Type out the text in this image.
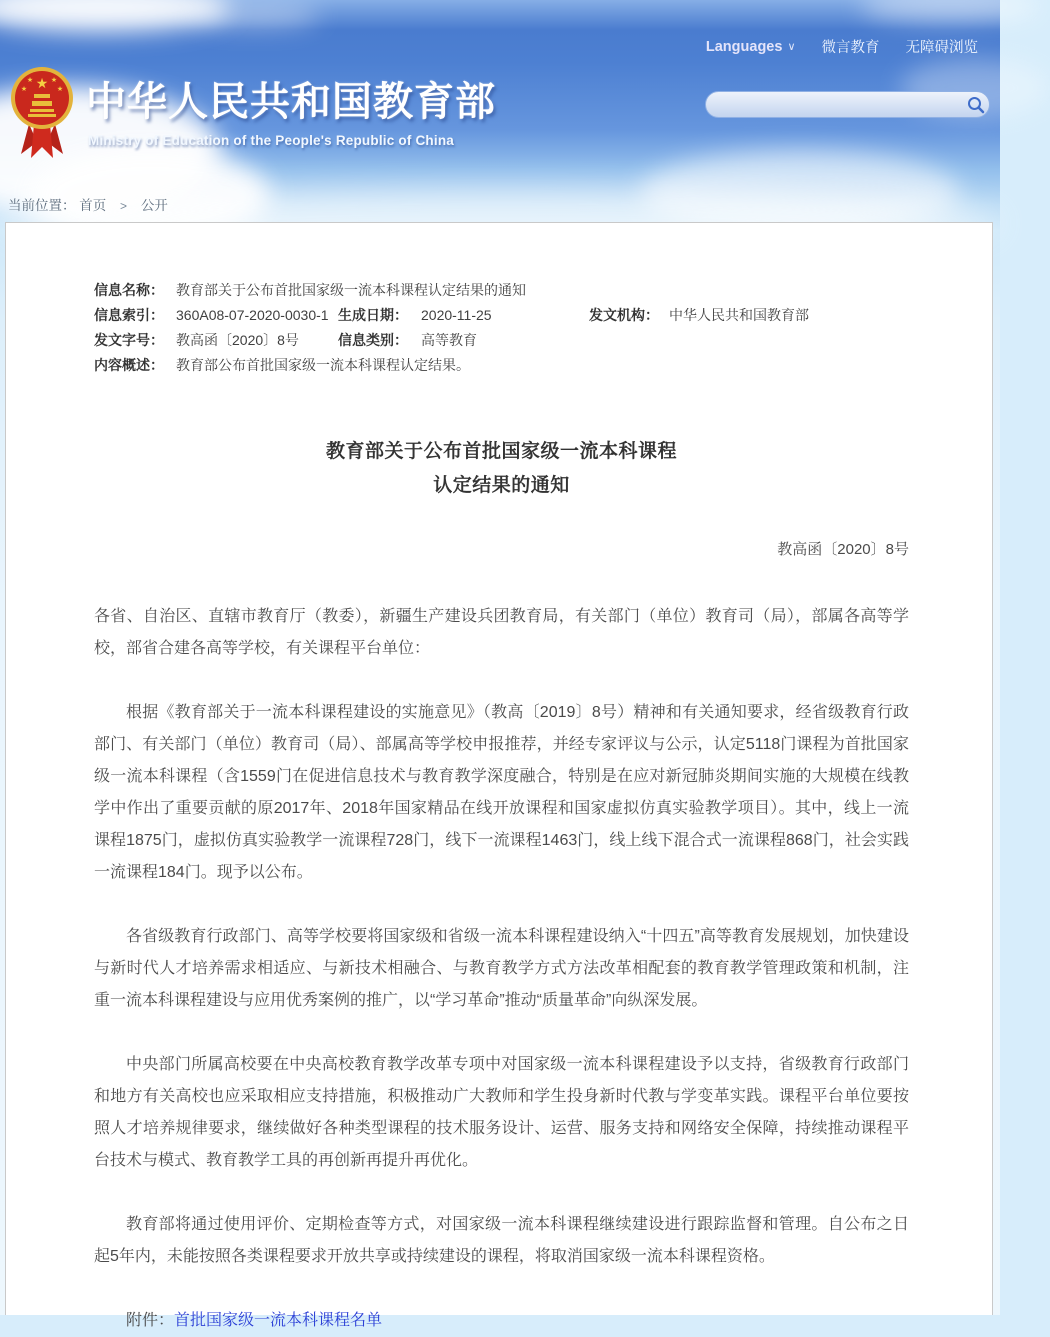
Languages ∨ 微言教育 无障碍浏览
★
★	★
★	★ 中华人民共和国教育部
Ministry of Education of the People's Republic of China
当前位置： 首页 > 公开
信息名称： 教育部关于公布首批国家级一流本科课程认定结果的通知
信息索引： 360A08-07-2020-0030-1 生成日期： 2020-11-25	发文机构： 中华人民共和国教育部
发文字号： 教高函〔2020〕8号	信息类别： 高等教育
内容概述： 教育部公布首批国家级一流本科课程认定结果。
教育部关于公布首批国家级一流本科课程
认定结果的通知
教高函〔2020〕8号

各省、自治区、直辖市教育厅（教委），新疆生产建设兵团教育局，有关部门（单位）教育司（局），部属各高等学校，部省合建各高等学校，有关课程平台单位：

根据《教育部关于一流本科课程建设的实施意见》（教高〔2019〕8号）精神和有关通知要求，经省级教育行政部门、有关部门（单位）教育司（局）、部属高等学校申报推荐，并经专家评议与公示，认定5118门课程为首批国家级一流本科课程（含1559门在促进信息技术与教育教学深度融合，特别是在应对新冠肺炎期间实施的大规模在线教学中作出了重要贡献的原2017年、2018年国家精品在线开放课程和国家虚拟仿真实验教学项目）。其中，线上一流课程1875门，虚拟仿真实验教学一流课程728门，线下一流课程1463门，线上线下混合式一流课程868门，社会实践一流课程184门。现予以公布。

各省级教育行政部门、高等学校要将国家级和省级一流本科课程建设纳入“十四五”高等教育发展规划，加快建设与新时代人才培养需求相适应、与新技术相融合、与教育教学方式方法改革相配套的教育教学管理政策和机制，注重一流本科课程建设与应用优秀案例的推广，以“学习革命”推动“质量革命”向纵深发展。

中央部门所属高校要在中央高校教育教学改革专项中对国家级一流本科课程建设予以支持，省级教育行政部门和地方有关高校也应采取相应支持措施，积极推动广大教师和学生投身新时代教与学变革实践。课程平台单位要按照人才培养规律要求，继续做好各种类型课程的技术服务设计、运营、服务支持和网络安全保障，持续推动课程平台技术与模式、教育教学工具的再创新再提升再优化。

教育部将通过使用评价、定期检查等方式，对国家级一流本科课程继续建设进行跟踪监督和管理。自公布之日起5年内，未能按照各类课程要求开放共享或持续建设的课程，将取消国家级一流本科课程资格。

附件：首批国家级一流本科课程名单
